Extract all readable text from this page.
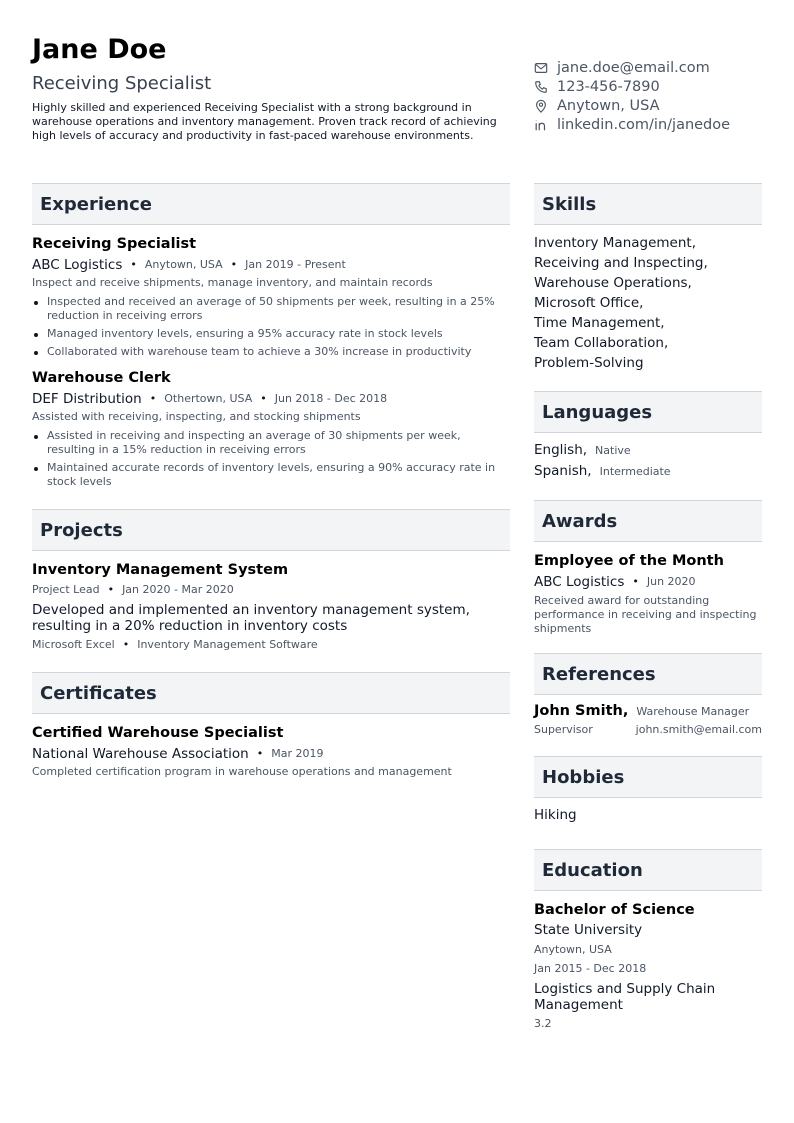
Jane Doe
Receiving Specialist
Highly skilled and experienced Receiving Specialist with a strong background in warehouse operations and inventory management. Proven track record of achieving high levels of accuracy and productivity in fast-paced warehouse environments.
jane.doe@email.com
123-456-7890
Anytown, USA
linkedin.com/in/janedoe
Experience
Receiving Specialist
ABC Logistics • Anytown, USA • Jan 2019 - Present
Inspect and receive shipments, manage inventory, and maintain records
Inspected and received an average of 50 shipments per week, resulting in a 25% reduction in receiving errors
Managed inventory levels, ensuring a 95% accuracy rate in stock levels
Collaborated with warehouse team to achieve a 30% increase in productivity
Warehouse Clerk
DEF Distribution • Othertown, USA • Jun 2018 - Dec 2018
Assisted with receiving, inspecting, and stocking shipments
Assisted in receiving and inspecting an average of 30 shipments per week, resulting in a 15% reduction in receiving errors
Maintained accurate records of inventory levels, ensuring a 90% accuracy rate in stock levels
Projects
Inventory Management System
Project Lead • Jan 2020 - Mar 2020
Developed and implemented an inventory management system, resulting in a 20% reduction in inventory costs
Microsoft Excel • Inventory Management Software
Certificates
Certified Warehouse Specialist
National Warehouse Association • Mar 2019
Completed certification program in warehouse operations and management
Skills
Inventory Management,
Receiving and Inspecting,
Warehouse Operations,
Microsoft Office,
Time Management,
Team Collaboration,
Problem-Solving
Languages
English, Native
Spanish, Intermediate
Awards
Employee of the Month
ABC Logistics • Jun 2020
Received award for outstanding performance in receiving and inspecting shipments
References
John Smith, Warehouse Manager
Supervisor	john.smith@email.com
Hobbies
Hiking
Education
Bachelor of Science
State University
Anytown, USA
Jan 2015 - Dec 2018
Logistics and Supply Chain Management
3.2
